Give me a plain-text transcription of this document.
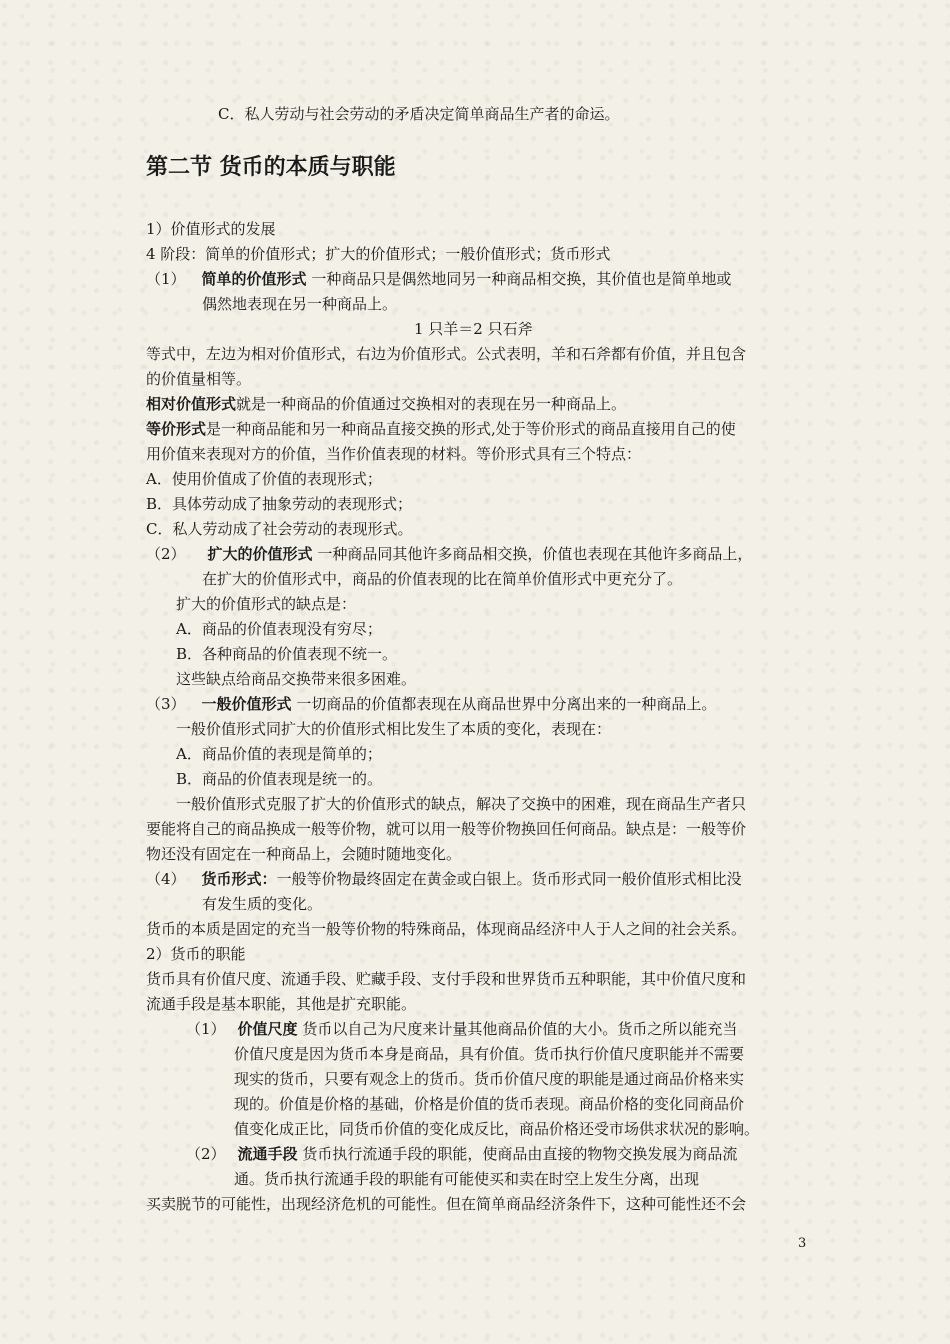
C．私人劳动与社会劳动的矛盾决定简单商品生产者的命运。
第二节 货币的本质与职能
1）价值形式的发展
4 阶段：简单的价值形式；扩大的价值形式；一般价值形式；货币形式
（1） 简单的价值形式 一种商品只是偶然地同另一种商品相交换，其价值也是简单地或
偶然地表现在另一种商品上。
1 只羊＝2 只石斧
等式中，左边为相对价值形式，右边为价值形式。公式表明，羊和石斧都有价值，并且包含
的价值量相等。
相对价值形式就是一种商品的价值通过交换相对的表现在另一种商品上。
等价形式是一种商品能和另一种商品直接交换的形式,处于等价形式的商品直接用自己的使
用价值来表现对方的价值，当作价值表现的材料。等价形式具有三个特点：
A．使用价值成了价值的表现形式；
B．具体劳动成了抽象劳动的表现形式；
C．私人劳动成了社会劳动的表现形式。
（2） 扩大的价值形式 一种商品同其他许多商品相交换，价值也表现在其他许多商品上，
在扩大的价值形式中，商品的价值表现的比在简单价值形式中更充分了。
扩大的价值形式的缺点是：
A．商品的价值表现没有穷尽；
B．各种商品的价值表现不统一。
这些缺点给商品交换带来很多困难。
（3） 一般价值形式 一切商品的价值都表现在从商品世界中分离出来的一种商品上。
一般价值形式同扩大的价值形式相比发生了本质的变化，表现在：
A．商品价值的表现是简单的；
B．商品的价值表现是统一的。
一般价值形式克服了扩大的价值形式的缺点，解决了交换中的困难，现在商品生产者只
要能将自己的商品换成一般等价物，就可以用一般等价物换回任何商品。缺点是：一般等价
物还没有固定在一种商品上，会随时随地变化。
（4） 货币形式：一般等价物最终固定在黄金或白银上。货币形式同一般价值形式相比没
有发生质的变化。
货币的本质是固定的充当一般等价物的特殊商品，体现商品经济中人于人之间的社会关系。
2）货币的职能
货币具有价值尺度、流通手段、贮藏手段、支付手段和世界货币五种职能，其中价值尺度和
流通手段是基本职能，其他是扩充职能。
（1） 价值尺度 货币以自己为尺度来计量其他商品价值的大小。货币之所以能充当
价值尺度是因为货币本身是商品，具有价值。货币执行价值尺度职能并不需要
现实的货币，只要有观念上的货币。货币价值尺度的职能是通过商品价格来实
现的。价值是价格的基础，价格是价值的货币表现。商品价格的变化同商品价
值变化成正比，同货币价值的变化成反比，商品价格还受市场供求状况的影响。
（2） 流通手段 货币执行流通手段的职能，使商品由直接的物物交换发展为商品流
通。货币执行流通手段的职能有可能使买和卖在时空上发生分离，出现
买卖脱节的可能性，出现经济危机的可能性。但在简单商品经济条件下，这种可能性还不会
3
